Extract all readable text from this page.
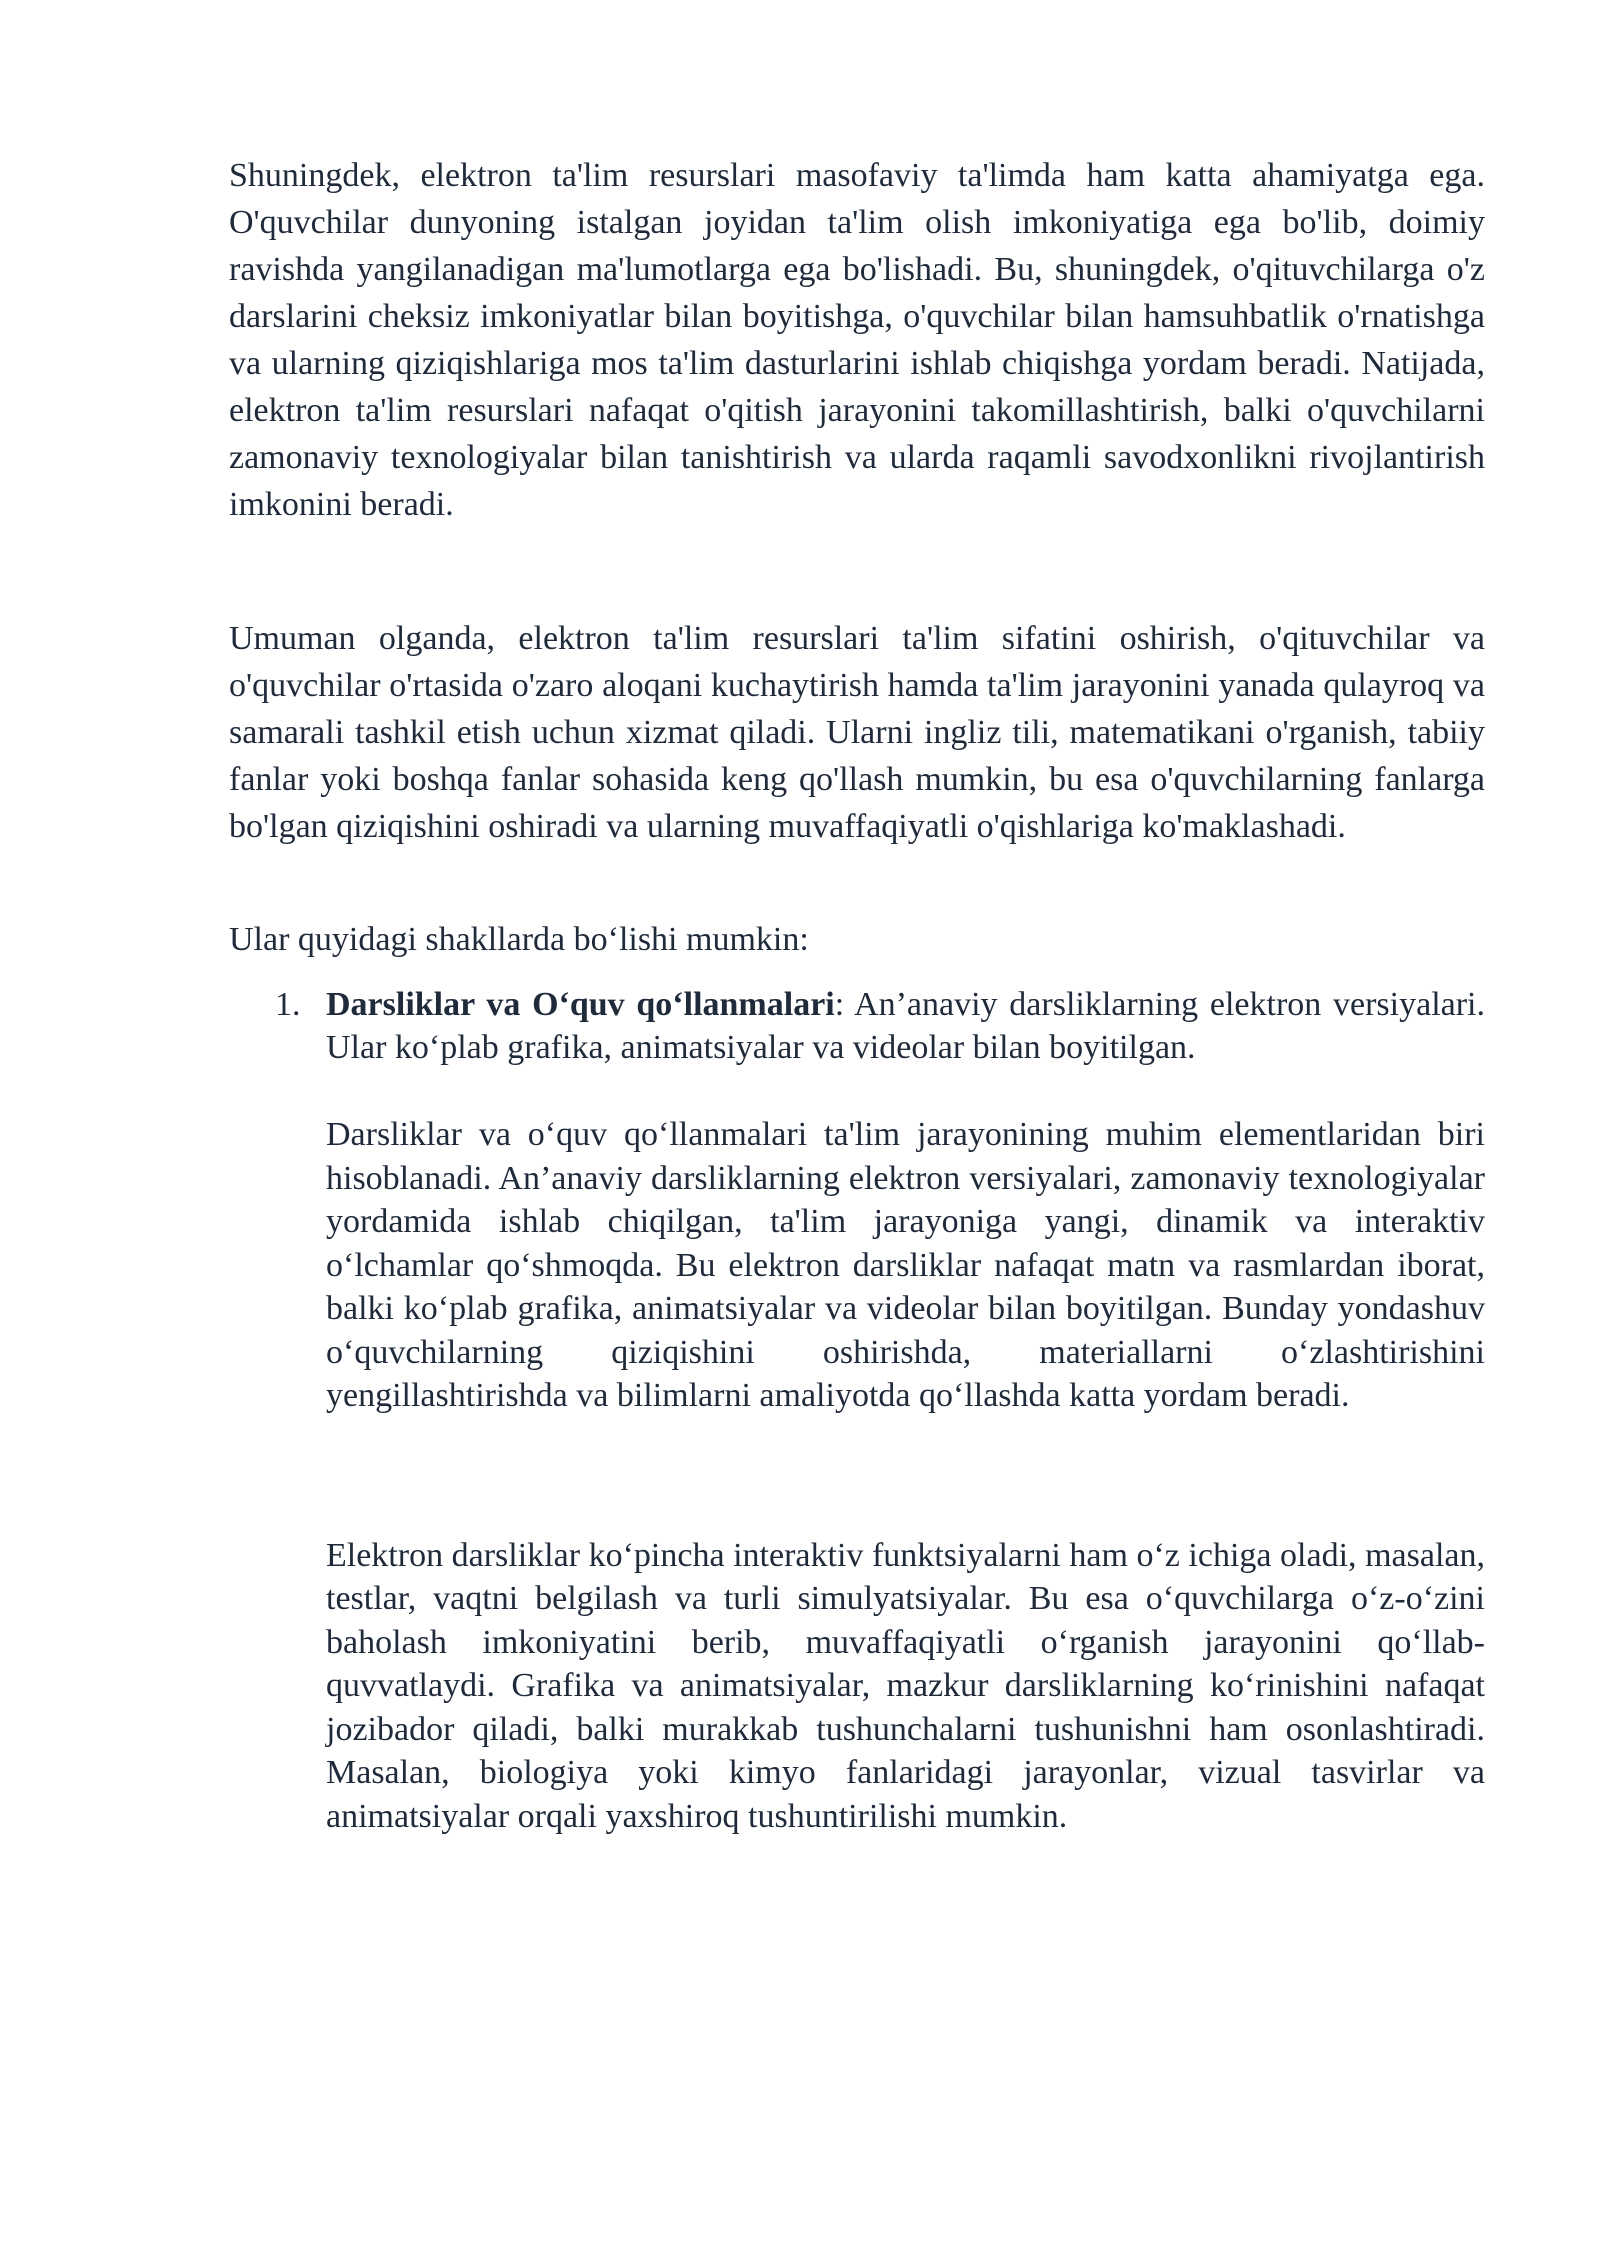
Shuningdek, elektron ta'lim resurslari masofaviy ta'limda ham katta ahamiyatga ega. O'quvchilar dunyoning istalgan joyidan ta'lim olish imkoniyatiga ega bo'lib, doimiy ravishda yangilanadigan ma'lumotlarga ega bo'lishadi. Bu, shuningdek, o'qituvchilarga o'z darslarini cheksiz imkoniyatlar bilan boyitishga, o'quvchilar bilan hamsuhbatlik o'rnatishga va ularning qiziqishlariga mos ta'lim dasturlarini ishlab chiqishga yordam beradi. Natijada, elektron ta'lim resurslari nafaqat o'qitish jarayonini takomillashtirish, balki o'quvchilarni zamonaviy texnologiyalar bilan tanishtirish va ularda raqamli savodxonlikni rivojlantirish imkonini beradi.

Umuman olganda, elektron ta'lim resurslari ta'lim sifatini oshirish, o'qituvchilar va o'quvchilar o'rtasida o'zaro aloqani kuchaytirish hamda ta'lim jarayonini yanada qulayroq va samarali tashkil etish uchun xizmat qiladi. Ularni ingliz tili, matematikani o'rganish, tabiiy fanlar yoki boshqa fanlar sohasida keng qo'llash mumkin, bu esa o'quvchilarning fanlarga bo'lgan qiziqishini oshiradi va ularning muvaffaqiyatli o'qishlariga ko'maklashadi.

Ular quyidagi shakllarda bo‘lishi mumkin:

1. Darsliklar va O‘quv qo‘llanmalari: An’anaviy darsliklarning elektron versiyalari. Ular ko‘plab grafika, animatsiyalar va videolar bilan boyitilgan.

Darsliklar va o‘quv qo‘llanmalari ta'lim jarayonining muhim elementlaridan biri hisoblanadi. An’anaviy darsliklarning elektron versiyalari, zamonaviy texnologiyalar yordamida ishlab chiqilgan, ta'lim jarayoniga yangi, dinamik va interaktiv o‘lchamlar qo‘shmoqda. Bu elektron darsliklar nafaqat matn va rasmlardan iborat, balki ko‘plab grafika, animatsiyalar va videolar bilan boyitilgan. Bunday yondashuv o‘quvchilarning qiziqishini oshirishda, materiallarni o‘zlashtirishini yengillashtirishda va bilimlarni amaliyotda qo‘llashda katta yordam beradi.

Elektron darsliklar ko‘pincha interaktiv funktsiyalarni ham o‘z ichiga oladi, masalan, testlar, vaqtni belgilash va turli simulyatsiyalar. Bu esa o‘quvchilarga o‘z-o‘zini baholash imkoniyatini berib, muvaffaqiyatli o‘rganish jarayonini qo‘llab-quvvatlaydi. Grafika va animatsiyalar, mazkur darsliklarning ko‘rinishini nafaqat jozibador qiladi, balki murakkab tushunchalarni tushunishni ham osonlashtiradi. Masalan, biologiya yoki kimyo fanlaridagi jarayonlar, vizual tasvirlar va animatsiyalar orqali yaxshiroq tushuntirilishi mumkin.
